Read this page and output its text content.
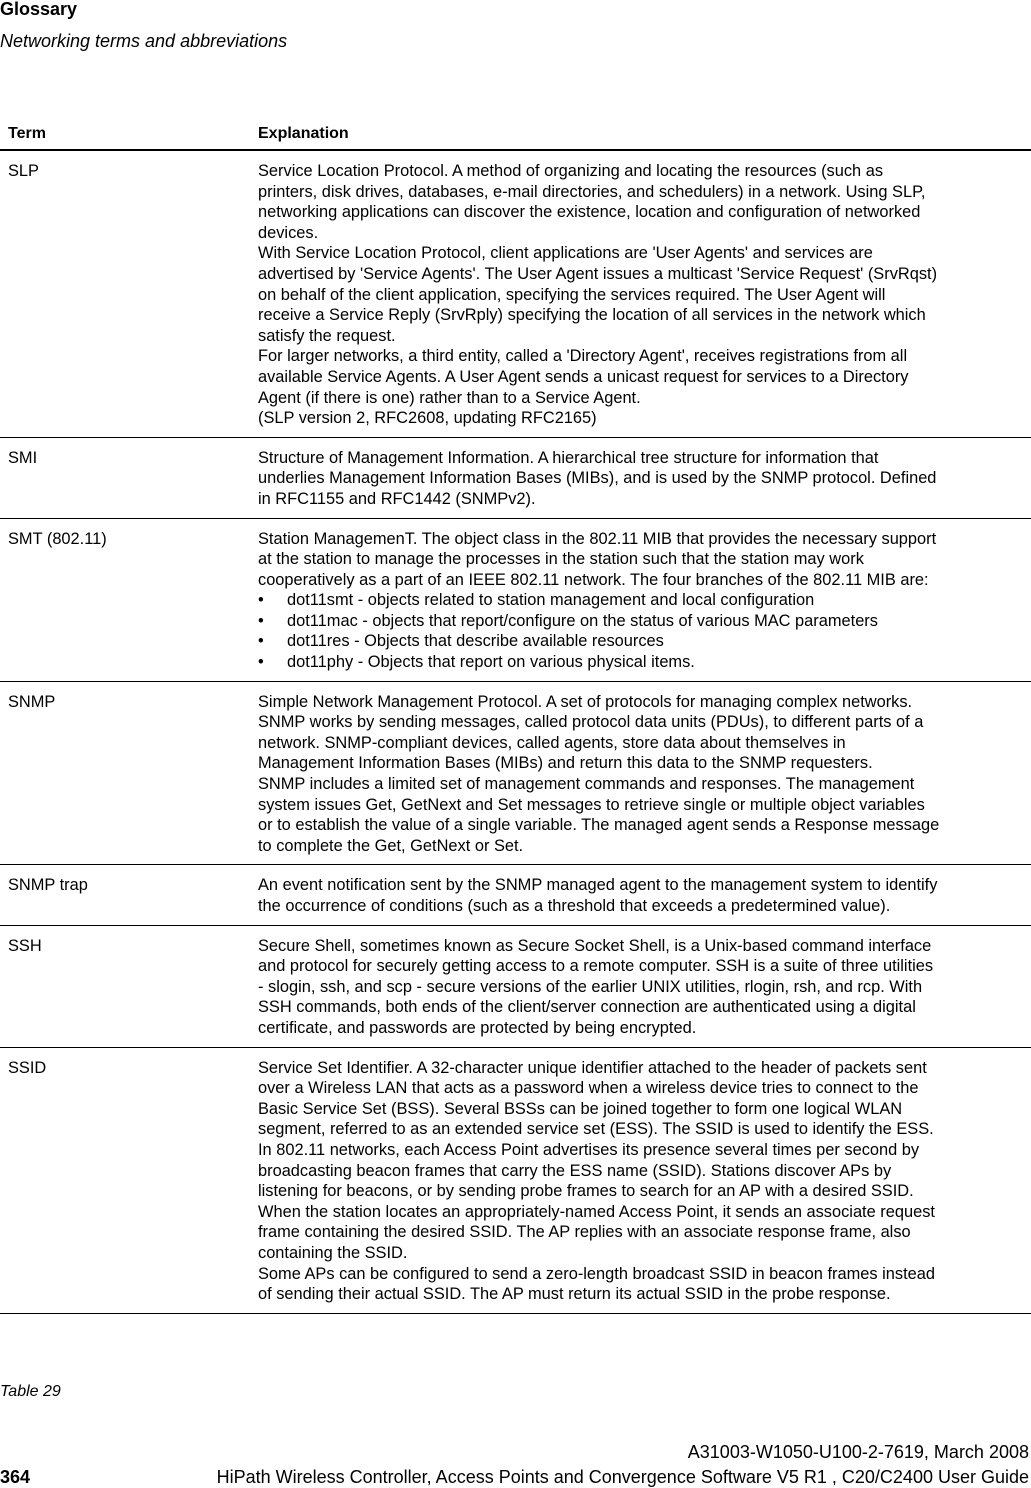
Glossary
Networking terms and abbreviations
Term	Explanation
SLP	Service Location Protocol. A method of organizing and locating the resources (such as
printers, disk drives, databases, e-mail directories, and schedulers) in a network. Using SLP,
networking applications can discover the existence, location and configuration of networked
devices.
With Service Location Protocol, client applications are 'User Agents' and services are
advertised by 'Service Agents'. The User Agent issues a multicast 'Service Request' (SrvRqst)
on behalf of the client application, specifying the services required. The User Agent will
receive a Service Reply (SrvRply) specifying the location of all services in the network which
satisfy the request.
For larger networks, a third entity, called a 'Directory Agent', receives registrations from all
available Service Agents. A User Agent sends a unicast request for services to a Directory
Agent (if there is one) rather than to a Service Agent.
(SLP version 2, RFC2608, updating RFC2165)
SMI	Structure of Management Information. A hierarchical tree structure for information that
underlies Management Information Bases (MIBs), and is used by the SNMP protocol. Defined
in RFC1155 and RFC1442 (SNMPv2).
SMT (802.11)	Station ManagemenT. The object class in the 802.11 MIB that provides the necessary support
at the station to manage the processes in the station such that the station may work
cooperatively as a part of an IEEE 802.11 network. The four branches of the 802.11 MIB are:
•	dot11smt - objects related to station management and local configuration
•	dot11mac - objects that report/configure on the status of various MAC parameters
•	dot11res - Objects that describe available resources
•	dot11phy - Objects that report on various physical items.
SNMP	Simple Network Management Protocol. A set of protocols for managing complex networks.
SNMP works by sending messages, called protocol data units (PDUs), to different parts of a
network. SNMP-compliant devices, called agents, store data about themselves in
Management Information Bases (MIBs) and return this data to the SNMP requesters.
SNMP includes a limited set of management commands and responses. The management
system issues Get, GetNext and Set messages to retrieve single or multiple object variables
or to establish the value of a single variable. The managed agent sends a Response message
to complete the Get, GetNext or Set.
SNMP trap	An event notification sent by the SNMP managed agent to the management system to identify
the occurrence of conditions (such as a threshold that exceeds a predetermined value).
SSH	Secure Shell, sometimes known as Secure Socket Shell, is a Unix-based command interface
and protocol for securely getting access to a remote computer. SSH is a suite of three utilities
- slogin, ssh, and scp - secure versions of the earlier UNIX utilities, rlogin, rsh, and rcp. With
SSH commands, both ends of the client/server connection are authenticated using a digital
certificate, and passwords are protected by being encrypted.
SSID	Service Set Identifier. A 32-character unique identifier attached to the header of packets sent
over a Wireless LAN that acts as a password when a wireless device tries to connect to the
Basic Service Set (BSS). Several BSSs can be joined together to form one logical WLAN
segment, referred to as an extended service set (ESS). The SSID is used to identify the ESS.
In 802.11 networks, each Access Point advertises its presence several times per second by
broadcasting beacon frames that carry the ESS name (SSID). Stations discover APs by
listening for beacons, or by sending probe frames to search for an AP with a desired SSID.
When the station locates an appropriately-named Access Point, it sends an associate request
frame containing the desired SSID. The AP replies with an associate response frame, also
containing the SSID.
Some APs can be configured to send a zero-length broadcast SSID in beacon frames instead
of sending their actual SSID. The AP must return its actual SSID in the probe response.
Table 29
A31003-W1050-U100-2-7619, March 2008
364	HiPath Wireless Controller, Access Points and Convergence Software V5 R1 , C20/C2400 User Guide
